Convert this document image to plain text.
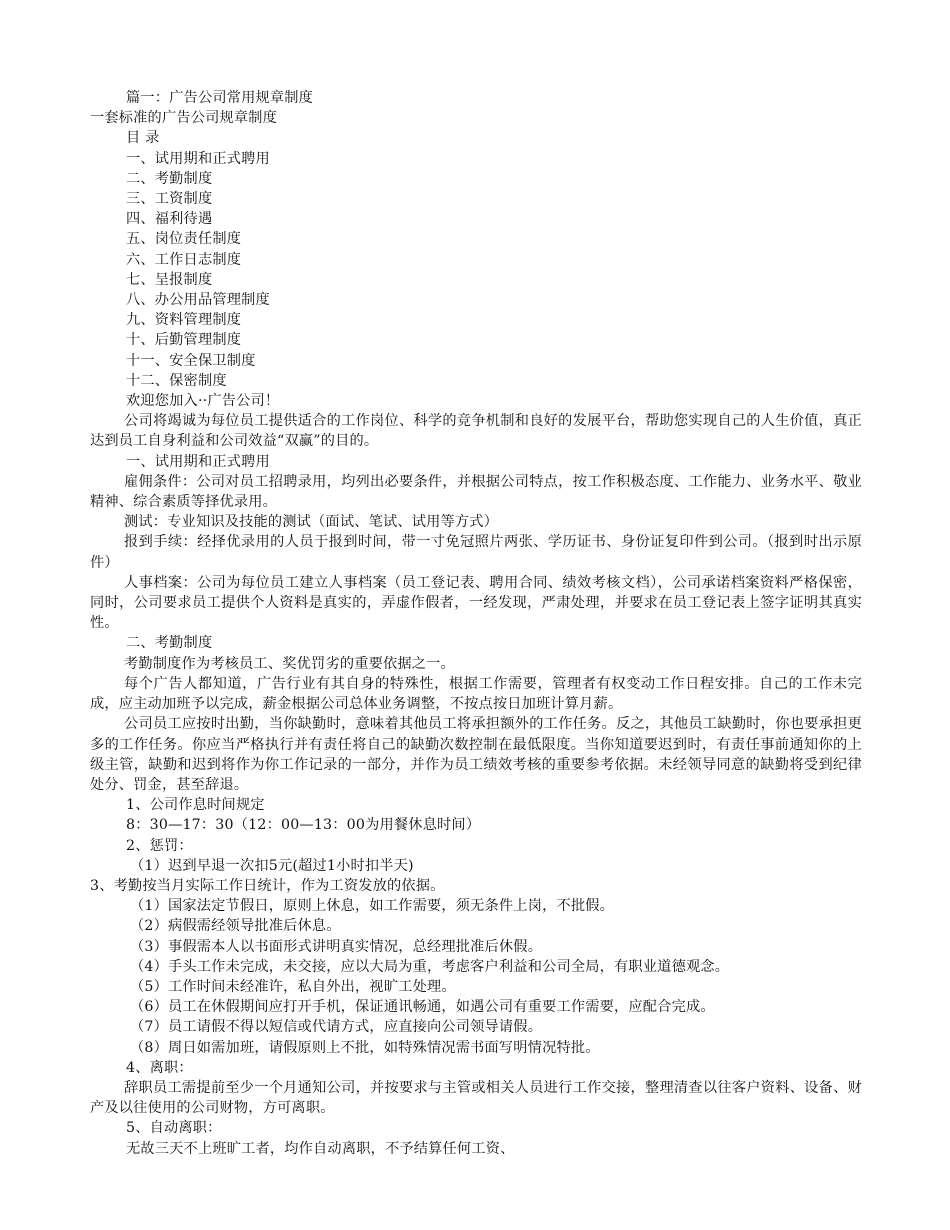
篇一：广告公司常用规章制度
一套标准的广告公司规章制度
目 录
一、试用期和正式聘用
二、考勤制度
三、工资制度
四、福利待遇
五、岗位责任制度
六、工作日志制度
七、呈报制度
八、办公用品管理制度
九、资料管理制度
十、后勤管理制度
十一、安全保卫制度
十二、保密制度
欢迎您加入··广告公司！

公司将竭诚为每位员工提供适合的工作岗位、科学的竞争机制和良好的发展平台，帮助您实现自己的人生价值，真正达到员工自身利益和公司效益“双赢”的目的。

一、试用期和正式聘用

雇佣条件：公司对员工招聘录用，均列出必要条件，并根据公司特点，按工作积极态度、工作能力、业务水平、敬业精神、综合素质等择优录用。

测试：专业知识及技能的测试（面试、笔试、试用等方式）

报到手续：经择优录用的人员于报到时间，带一寸免冠照片两张、学历证书、身份证复印件到公司。（报到时出示原件）

人事档案：公司为每位员工建立人事档案（员工登记表、聘用合同、绩效考核文档），公司承诺档案资料严格保密，同时，公司要求员工提供个人资料是真实的，弄虚作假者，一经发现，严肃处理，并要求在员工登记表上签字证明其真实性。

二、考勤制度

考勤制度作为考核员工、奖优罚劣的重要依据之一。

每个广告人都知道，广告行业有其自身的特殊性，根据工作需要，管理者有权变动工作日程安排。自己的工作未完成，应主动加班予以完成，薪金根据公司总体业务调整，不按点按日加班计算月薪。

公司员工应按时出勤，当你缺勤时，意味着其他员工将承担额外的工作任务。反之，其他员工缺勤时，你也要承担更多的工作任务。你应当严格执行并有责任将自己的缺勤次数控制在最低限度。当你知道要迟到时，有责任事前通知你的上级主管，缺勤和迟到将作为你工作记录的一部分，并作为员工绩效考核的重要参考依据。未经领导同意的缺勤将受到纪律处分、罚金，甚至辞退。

1、公司作息时间规定
8：30—17：30（12：00—13：00为用餐休息时间）
2、惩罚：
（1）迟到早退一次扣5元(超过1小时扣半天)
3、考勤按当月实际工作日统计，作为工资发放的依据。
（1）国家法定节假日，原则上休息，如工作需要，须无条件上岗，不批假。
（2）病假需经领导批准后休息。
（3）事假需本人以书面形式讲明真实情况，总经理批准后休假。
（4）手头工作未完成，未交接，应以大局为重，考虑客户利益和公司全局，有职业道德观念。
（5）工作时间未经准许，私自外出，视旷工处理。
（6）员工在休假期间应打开手机，保证通讯畅通，如遇公司有重要工作需要，应配合完成。
（7）员工请假不得以短信或代请方式，应直接向公司领导请假。
（8）周日如需加班，请假原则上不批，如特殊情况需书面写明情况特批。
4、离职：

辞职员工需提前至少一个月通知公司，并按要求与主管或相关人员进行工作交接，整理清查以往客户资料、设备、财产及以往使用的公司财物，方可离职。

5、自动离职：
无故三天不上班旷工者，均作自动离职，不予结算任何工资、
